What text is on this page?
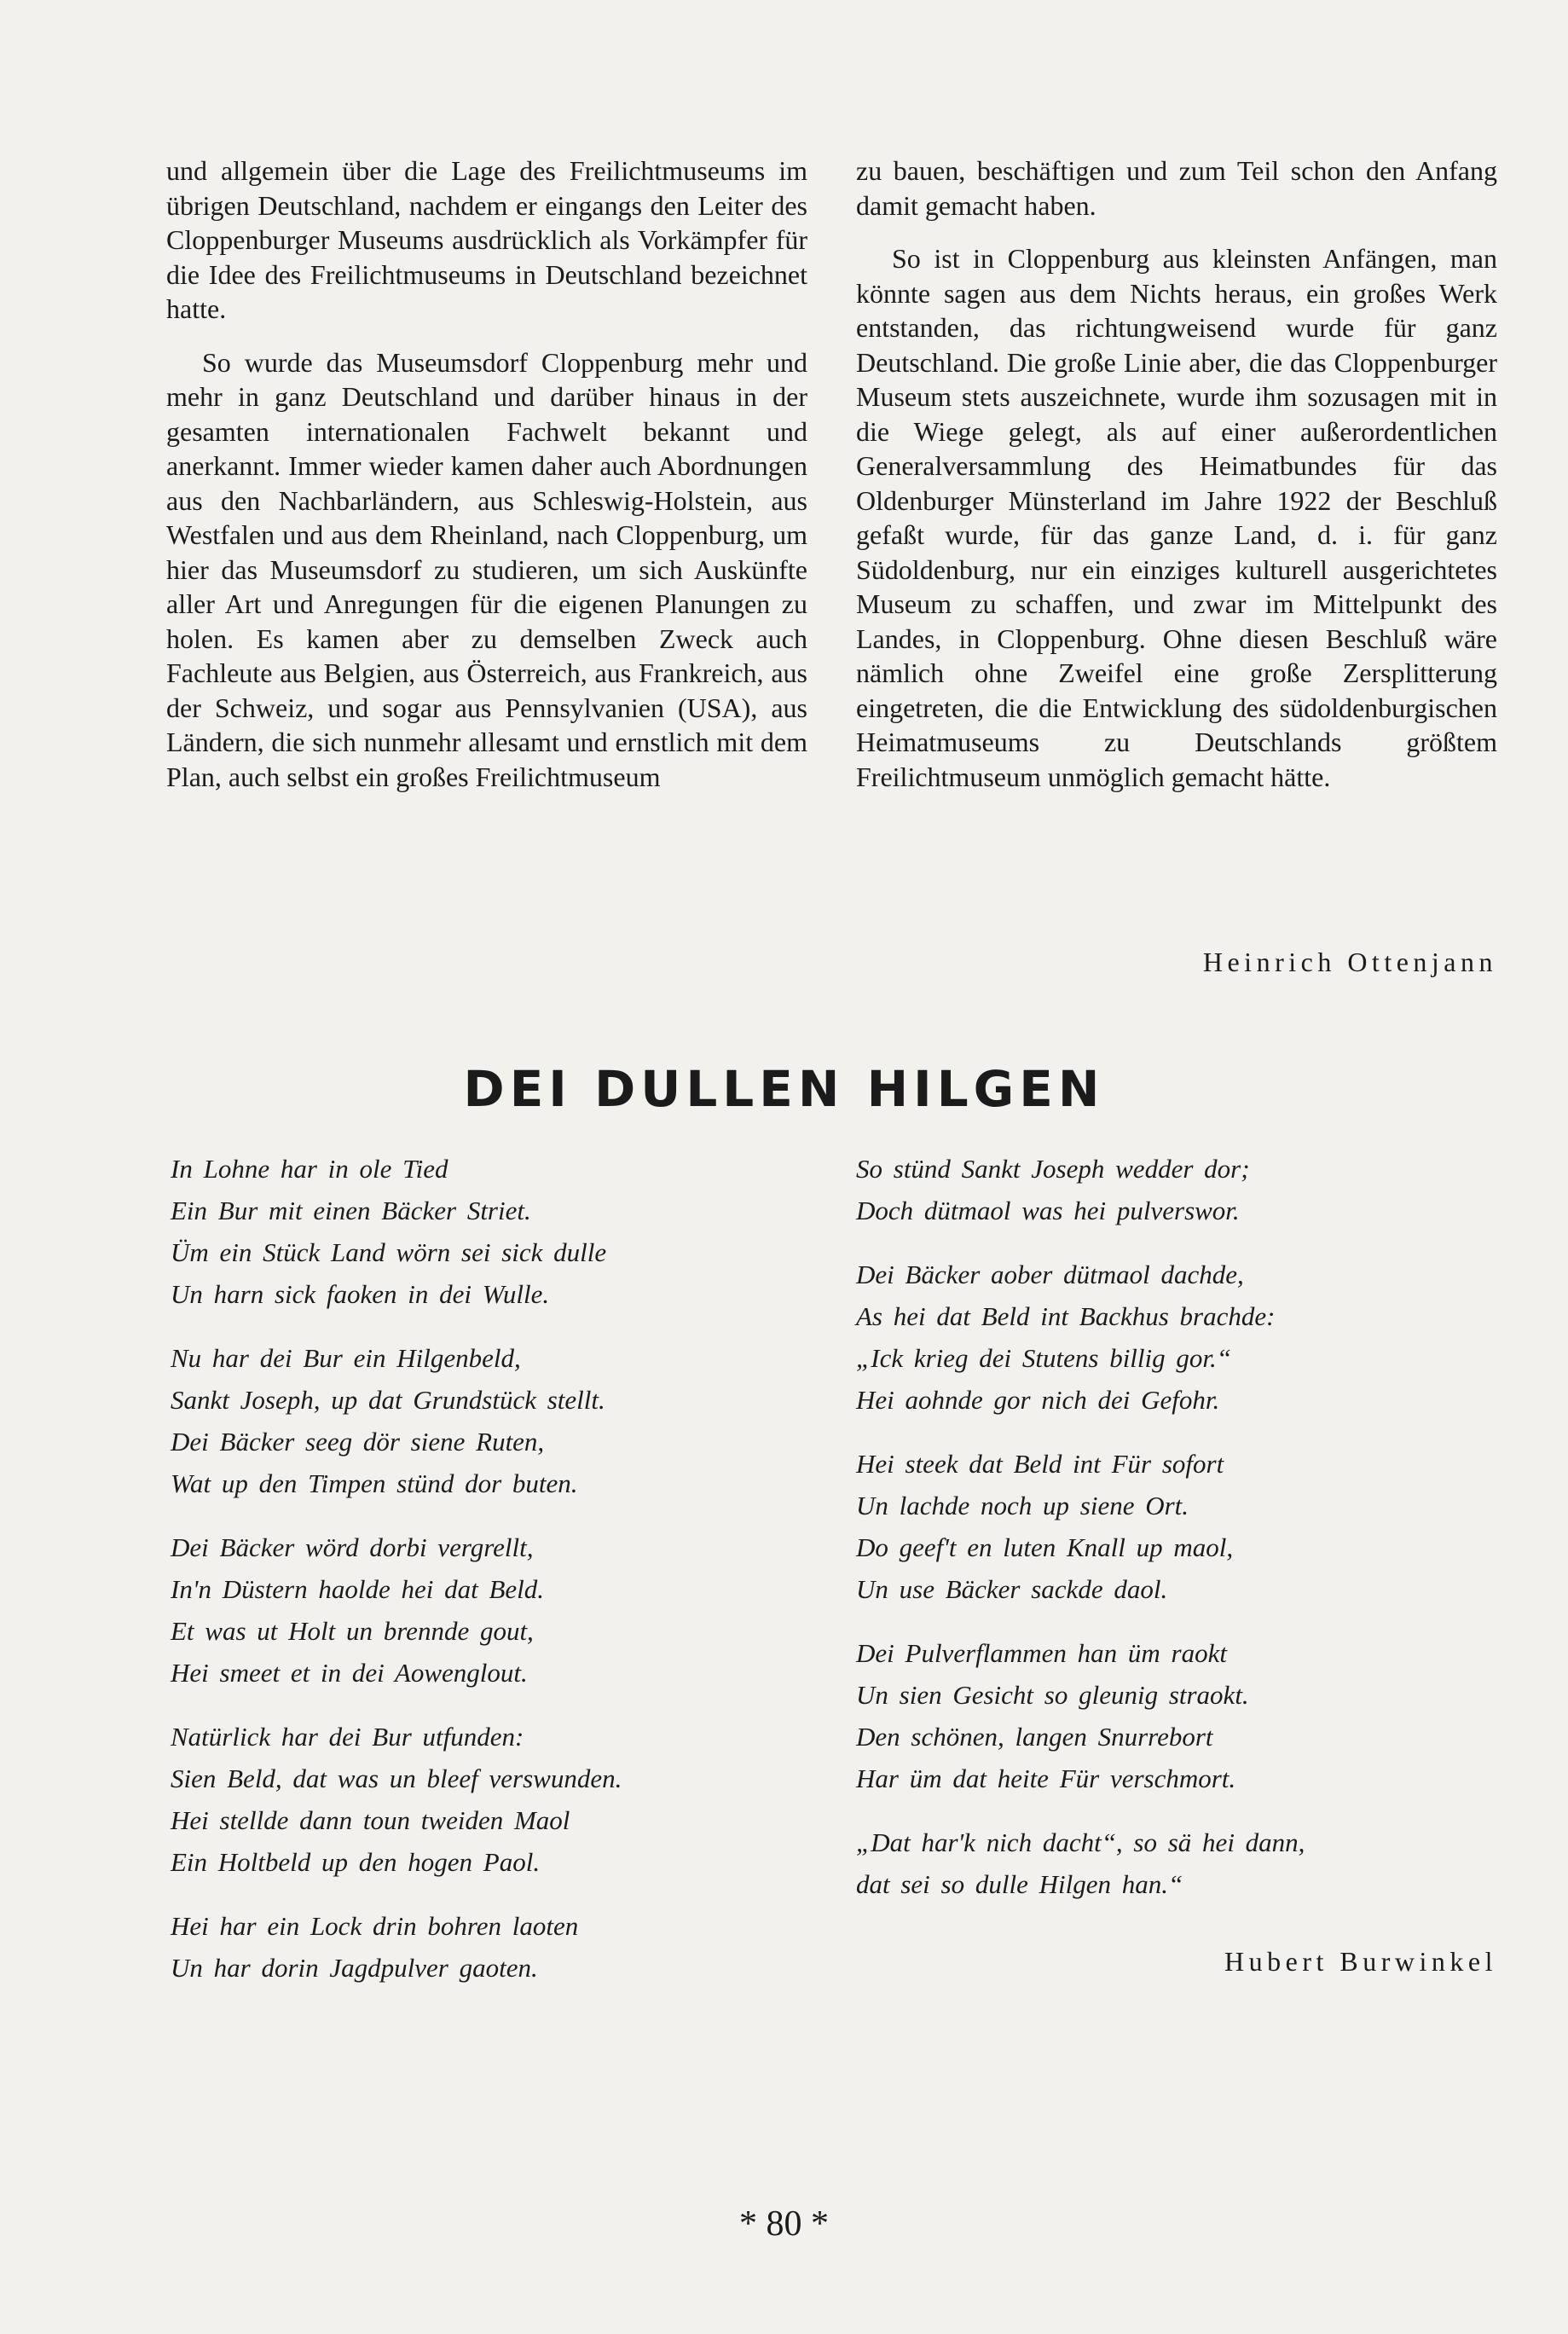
und allgemein über die Lage des Freilichtmuseums im übrigen Deutschland, nachdem er eingangs den Leiter des Cloppenburger Museums ausdrücklich als Vorkämpfer für die Idee des Freilichtmuseums in Deutschland bezeichnet hatte.

So wurde das Museumsdorf Cloppenburg mehr und mehr in ganz Deutschland und darüber hinaus in der gesamten internationalen Fachwelt bekannt und anerkannt. Immer wieder kamen daher auch Abordnungen aus den Nachbarländern, aus Schleswig-Holstein, aus Westfalen und aus dem Rheinland, nach Cloppenburg, um hier das Museumsdorf zu studieren, um sich Auskünfte aller Art und Anregungen für die eigenen Planungen zu holen. Es kamen aber zu demselben Zweck auch Fachleute aus Belgien, aus Österreich, aus Frankreich, aus der Schweiz, und sogar aus Pennsylvanien (USA), aus Ländern, die sich nunmehr allesamt und ernstlich mit dem Plan, auch selbst ein großes Freilichtmuseum

zu bauen, beschäftigen und zum Teil schon den Anfang damit gemacht haben.

So ist in Cloppenburg aus kleinsten Anfängen, man könnte sagen aus dem Nichts heraus, ein großes Werk entstanden, das richtungweisend wurde für ganz Deutschland. Die große Linie aber, die das Cloppenburger Museum stets auszeichnete, wurde ihm sozusagen mit in die Wiege gelegt, als auf einer außerordentlichen Generalversammlung des Heimatbundes für das Oldenburger Münsterland im Jahre 1922 der Beschluß gefaßt wurde, für das ganze Land, d. i. für ganz Südoldenburg, nur ein einziges kulturell ausgerichtetes Museum zu schaffen, und zwar im Mittelpunkt des Landes, in Cloppenburg. Ohne diesen Beschluß wäre nämlich ohne Zweifel eine große Zersplitterung eingetreten, die die Entwicklung des südoldenburgischen Heimatmuseums zu Deutschlands größtem Freilichtmuseum unmöglich gemacht hätte.

Heinrich Ottenjann
DEI DULLEN HILGEN
In Lohne har in ole Tied
Ein Bur mit einen Bäcker Striet.
Üm ein Stück Land wörn sei sick dulle
Un harn sick faoken in dei Wulle.
Nu har dei Bur ein Hilgenbeld,
Sankt Joseph, up dat Grundstück stellt.
Dei Bäcker seeg dör siene Ruten,
Wat up den Timpen stünd dor buten.
Dei Bäcker wörd dorbi vergrellt,
In'n Düstern haolde hei dat Beld.
Et was ut Holt un brennde gout,
Hei smeet et in dei Aowenglout.
Natürlick har dei Bur utfunden:
Sien Beld, dat was un bleef verswunden.
Hei stellde dann toun tweiden Maol
Ein Holtbeld up den hogen Paol.
Hei har ein Lock drin bohren laoten
Un har dorin Jagdpulver gaoten.
So stünd Sankt Joseph wedder dor;
Doch dütmaol was hei pulverswor.
Dei Bäcker aober dütmaol dachde,
As hei dat Beld int Backhus brachde:
„Ick krieg dei Stutens billig gor.“
Hei aohnde gor nich dei Gefohr.
Hei steek dat Beld int Für sofort
Un lachde noch up siene Ort.
Do geef't en luten Knall up maol,
Un use Bäcker sackde daol.
Dei Pulverflammen han üm raokt
Un sien Gesicht so gleunig straokt.
Den schönen, langen Snurrebort
Har üm dat heite Für verschmort.
„Dat har'k nich dacht“, so sä hei dann,
dat sei so dulle Hilgen han.“
Hubert Burwinkel

* 80 *
